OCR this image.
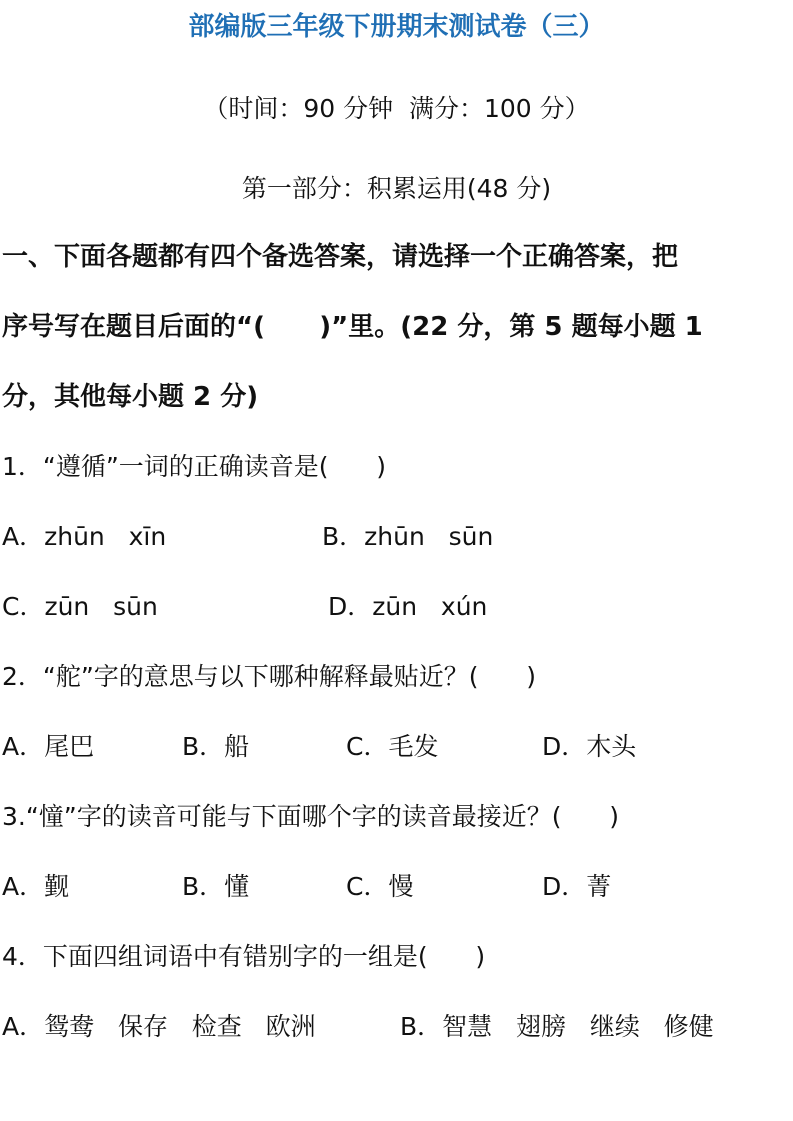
部编版三年级下册期末测试卷（三）
（时间：90 分钟  满分：100 分）
第一部分：积累运用(48 分)
一、下面各题都有四个备选答案，请选择一个正确答案，把
序号写在题目后面的“(      )”里。(22 分，第 5 题每小题 1
分，其他每小题 2 分)
1．“遵循”一词的正确读音是(      )
A．zhūn   xīn	B．zhūn   sūn
C．zūn   sūn	D．zūn   xún
2．“舵”字的意思与以下哪种解释最贴近？(      )
A．尾巴	B．船	C．毛发	D．木头
3.“憧”字的读音可能与下面哪个字的读音最接近？(      )
A．觐	B．懂	C．慢	D．菁
4．下面四组词语中有错别字的一组是(      )
A．鸳鸯   保存   检查   欧洲	B．智慧   翅膀   继续   修健
